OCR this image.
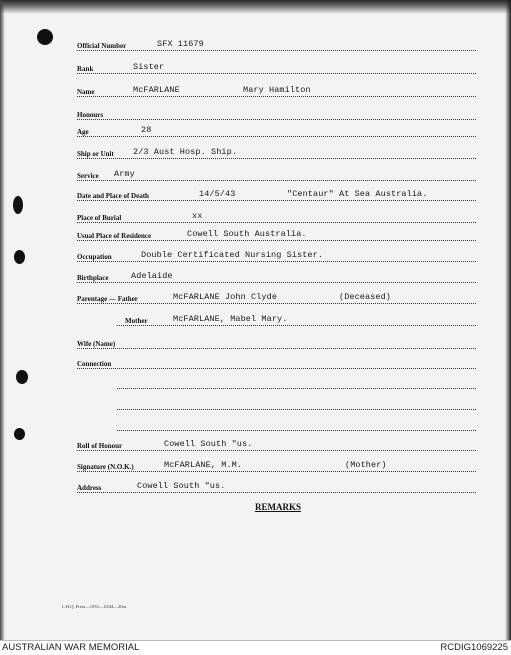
Official Number	SFX 11679
Rank	Sister
Name	McFARLANE	Mary Hamilton
Honours
Age	28
Ship or Unit 2/3 Aust Hosp. Ship.
Service Army
Date and Place of Death	14/5/43	"Centaur" At Sea Australia.
Place of Burial	xx
Usual Place of Residence	Cowell South Australia.
Occupation	Double Certificated Nursing Sister.
Birthplace	Adelaide
Parentage — Father	McFARLANE John Clyde	(Deceased)
Mother	McFARLANE, Mabel Mary.
Wife (Name)
Connection
Roll of Honour	Cowell South "us.
Signature (N.O.K.)	McFARLANE, M.M.	(Mother)
Address	Cowell South "us.
REMARKS
L.H.Q. Press—1935—10/44—20m.
AUSTRALIAN WAR MEMORIAL	RCDIG1069225
